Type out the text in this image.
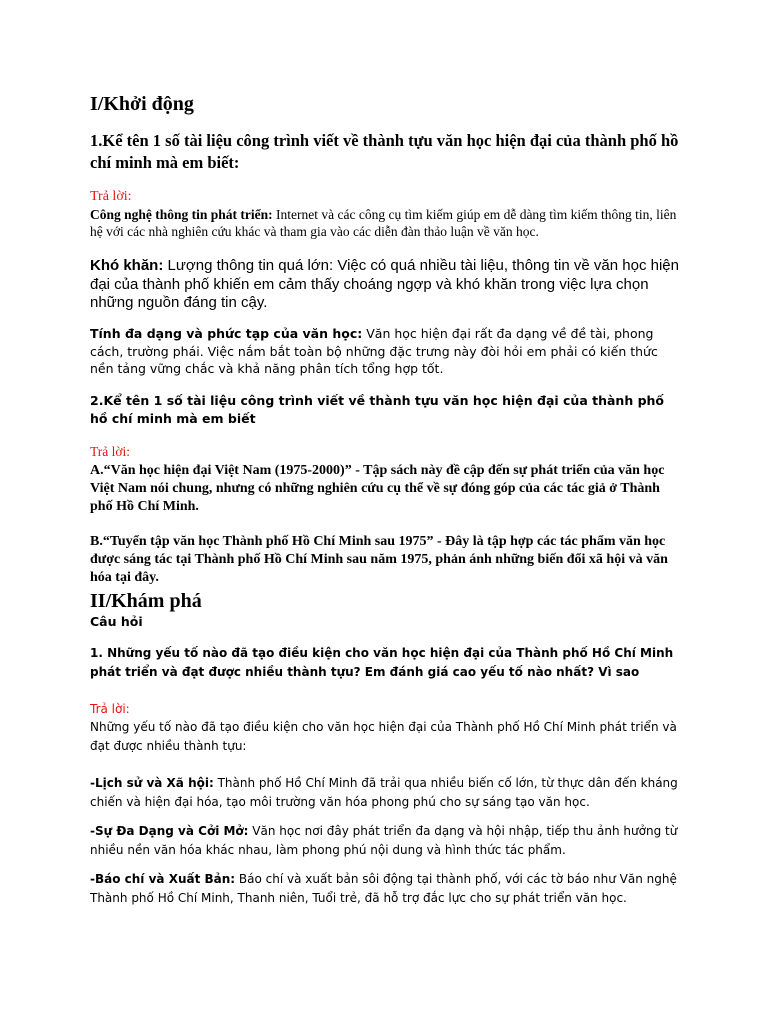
I/Khởi động
1.Kể tên 1 số tài liệu công trình viết về thành tựu văn học hiện đại của thành phố hồ chí minh mà em biết:
Trả lời:
Công nghệ thông tin phát triển: Internet và các công cụ tìm kiếm giúp em dễ dàng tìm kiếm thông tin, liên hệ với các nhà nghiên cứu khác và tham gia vào các diễn đàn thảo luận về văn học.
Khó khăn: Lượng thông tin quá lớn: Việc có quá nhiều tài liệu, thông tin về văn học hiện đại của thành phố khiến em cảm thấy choáng ngợp và khó khăn trong việc lựa chọn những nguồn đáng tin cậy.
Tính đa dạng và phức tạp của văn học: Văn học hiện đại rất đa dạng về đề tài, phong cách, trường phái. Việc nắm bắt toàn bộ những đặc trưng này đòi hỏi em phải có kiến thức nền tảng vững chắc và khả năng phân tích tổng hợp tốt.
2.Kể tên 1 số tài liệu công trình viết về thành tựu văn học hiện đại của thành phố hồ chí minh mà em biết
Trả lời:
A.“Văn học hiện đại Việt Nam (1975-2000)” - Tập sách này đề cập đến sự phát triển của văn học Việt Nam nói chung, nhưng có những nghiên cứu cụ thể về sự đóng góp của các tác giả ở Thành phố Hồ Chí Minh.
B.“Tuyển tập văn học Thành phố Hồ Chí Minh sau 1975” - Đây là tập hợp các tác phẩm văn học được sáng tác tại Thành phố Hồ Chí Minh sau năm 1975, phản ánh những biến đổi xã hội và văn hóa tại đây.
II/Khám phá
Câu hỏi
1. Những yếu tố nào đã tạo điều kiện cho văn học hiện đại của Thành phố Hồ Chí Minh phát triển và đạt được nhiều thành tựu? Em đánh giá cao yếu tố nào nhất? Vì sao
Trả lời:
Những yếu tố nào đã tạo điều kiện cho văn học hiện đại của Thành phố Hồ Chí Minh phát triển và đạt được nhiều thành tựu:
-Lịch sử và Xã hội: Thành phố Hồ Chí Minh đã trải qua nhiều biến cố lớn, từ thực dân đến kháng chiến và hiện đại hóa, tạo môi trường văn hóa phong phú cho sự sáng tạo văn học.
-Sự Đa Dạng và Cởi Mở: Văn học nơi đây phát triển đa dạng và hội nhập, tiếp thu ảnh hưởng từ nhiều nền văn hóa khác nhau, làm phong phú nội dung và hình thức tác phẩm.
-Báo chí và Xuất Bản: Báo chí và xuất bản sôi động tại thành phố, với các tờ báo như Văn nghệ Thành phố Hồ Chí Minh, Thanh niên, Tuổi trẻ, đã hỗ trợ đắc lực cho sự phát triển văn học.
